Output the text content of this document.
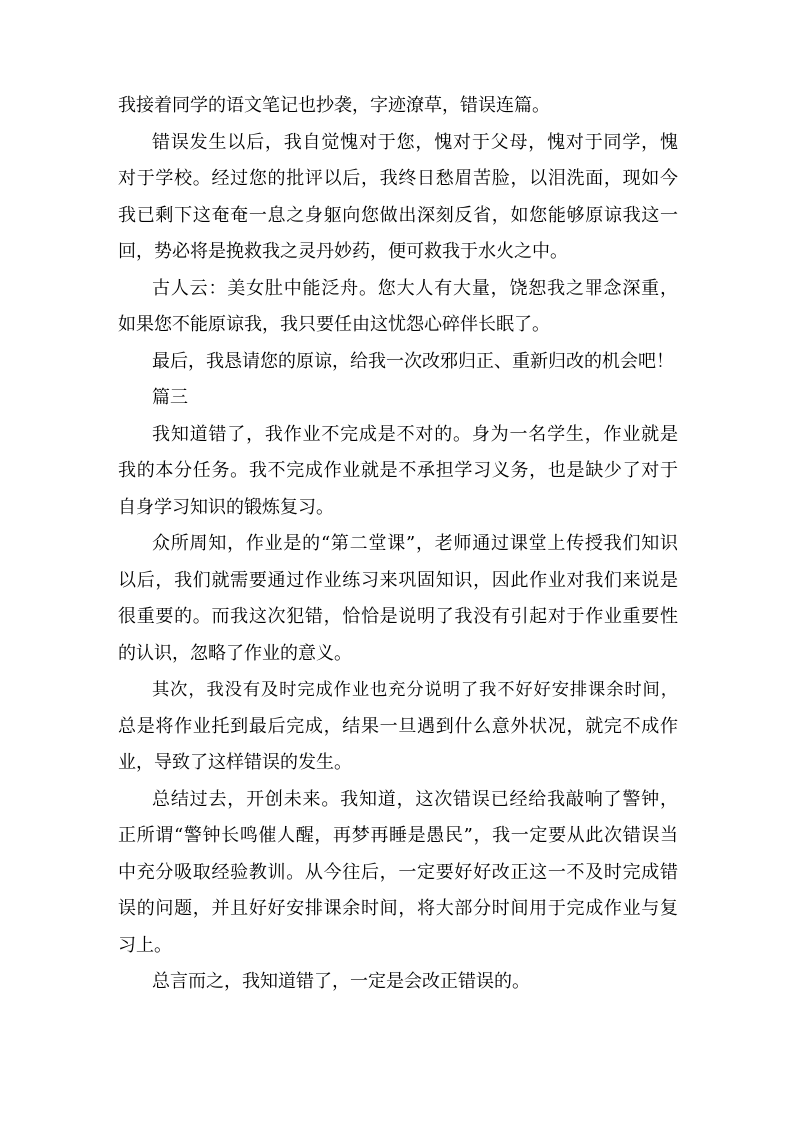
我接着同学的语文笔记也抄袭，字迹潦草，错误连篇。
错误发生以后，我自觉愧对于您，愧对于父母，愧对于同学，愧
对于学校。经过您的批评以后，我终日愁眉苦脸，以泪洗面，现如今
我已剩下这奄奄一息之身躯向您做出深刻反省，如您能够原谅我这一
回，势必将是挽救我之灵丹妙药，便可救我于水火之中。
古人云：美女肚中能泛舟。您大人有大量，饶恕我之罪念深重，
如果您不能原谅我，我只要任由这忧怨心碎伴长眠了。
最后，我恳请您的原谅，给我一次改邪归正、重新归改的机会吧！
篇三
我知道错了，我作业不完成是不对的。身为一名学生，作业就是
我的本分任务。我不完成作业就是不承担学习义务，也是缺少了对于
自身学习知识的锻炼复习。
众所周知，作业是的“第二堂课”，老师通过课堂上传授我们知识
以后，我们就需要通过作业练习来巩固知识，因此作业对我们来说是
很重要的。而我这次犯错，恰恰是说明了我没有引起对于作业重要性
的认识，忽略了作业的意义。
其次，我没有及时完成作业也充分说明了我不好好安排课余时间，
总是将作业托到最后完成，结果一旦遇到什么意外状况，就完不成作
业，导致了这样错误的发生。
总结过去，开创未来。我知道，这次错误已经给我敲响了警钟，
正所谓“警钟长鸣催人醒，再梦再睡是愚民”，我一定要从此次错误当
中充分吸取经验教训。从今往后，一定要好好改正这一不及时完成错
误的问题，并且好好安排课余时间，将大部分时间用于完成作业与复
习上。
总言而之，我知道错了，一定是会改正错误的。
